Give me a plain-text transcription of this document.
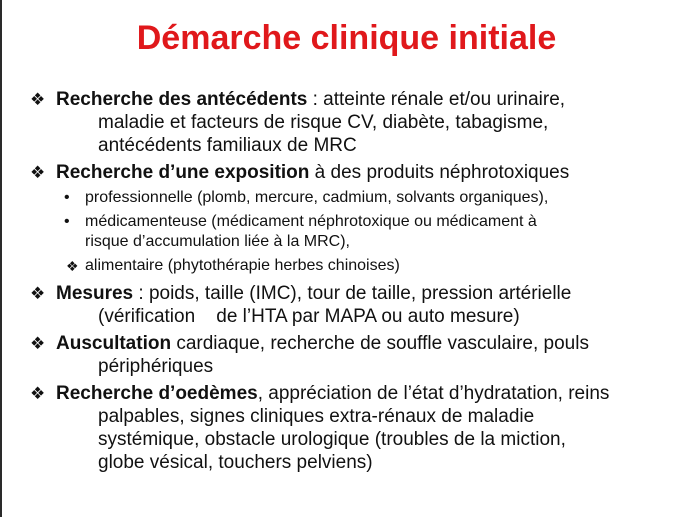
Démarche clinique initiale
❖ Recherche des antécédents : atteinte rénale et/ou urinaire,
maladie et facteurs de risque CV, diabète, tabagisme,
antécédents familiaux de MRC
❖ Recherche d’une exposition à des produits néphrotoxiques
• professionnelle (plomb, mercure, cadmium, solvants organiques),
• médicamenteuse (médicament néphrotoxique ou médicament à
risque d’accumulation liée à la MRC),
❖ alimentaire (phytothérapie herbes chinoises)
❖ Mesures : poids, taille (IMC), tour de taille, pression artérielle
(vérification    de l’HTA par MAPA ou auto mesure)
❖ Auscultation cardiaque, recherche de souffle vasculaire, pouls
périphériques
❖ Recherche d’oedèmes, appréciation de l’état d’hydratation, reins
palpables, signes cliniques extra-rénaux de maladie
systémique, obstacle urologique (troubles de la miction,
globe vésical, touchers pelviens)
